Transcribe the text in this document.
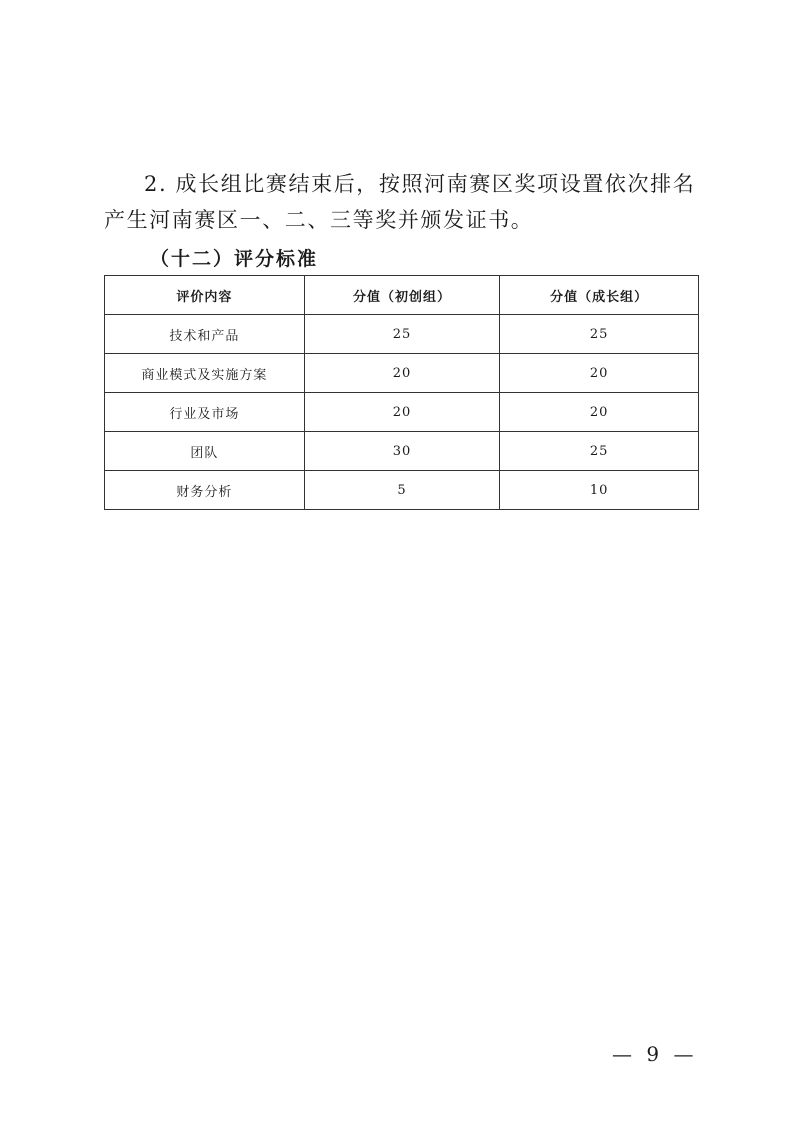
2. 成长组比赛结束后，按照河南赛区奖项设置依次排名产生河南赛区一、二、三等奖并颁发证书。

（十二）评分标准

评价内容	分值（初创组）	分值（成长组）
技术和产品	25	25
商业模式及实施方案	20	20
行业及市场	20	20
团队	30	25
财务分析	5	10

— 9 —
